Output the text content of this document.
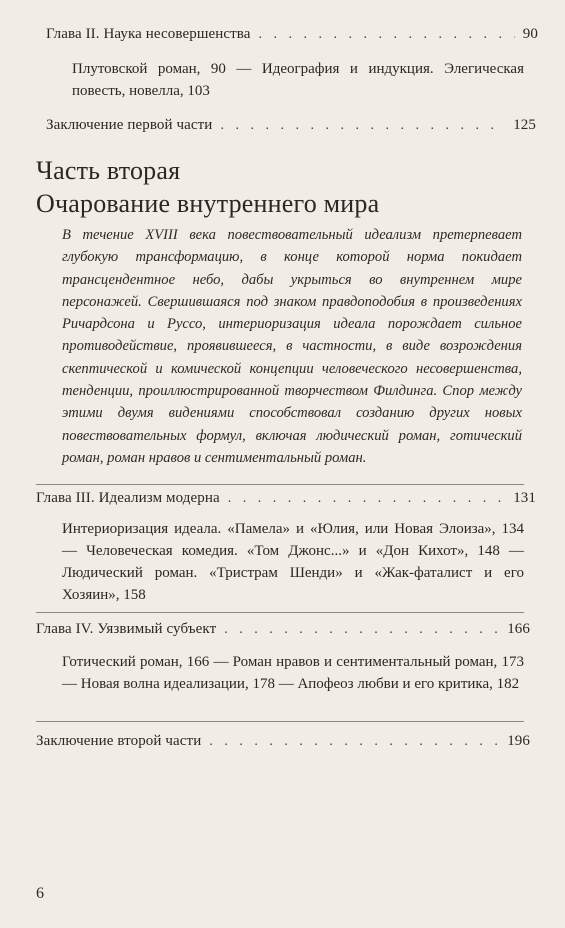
Глава II. Наука несовершенства . . .	90
Плутовской роман, 90 — Идеография и индукция. Элегическая повесть, новелла, 103
Заключение первой части . . .	125
Часть вторая
Очарование внутреннего мира
В течение XVIII века повествовательный идеализм претерпевает глубокую трансформацию, в конце которой норма покидает трансцендентное небо, дабы укрыться во внутреннем мире персонажей. Свершившаяся под знаком правдоподобия в произведениях Ричардсона и Руссо, интериоризация идеала порождает сильное противодействие, проявившееся, в частности, в виде возрождения скептической и комической концепции человеческого несовершенства, тенденции, проиллюстрированной творчеством Филдинга. Спор между этими двумя видениями способствовал созданию других новых повествовательных формул, включая людический роман, готический роман, роман нравов и сентиментальный роман.
Глава III. Идеализм модерна . . .	131
Интериоризация идеала. «Памела» и «Юлия, или Новая Элоиза», 134 — Человеческая комедия. «Том Джонс...» и «Дон Кихот», 148 — Людический роман. «Тристрам Шенди» и «Жак-фаталист и его Хозяин», 158
Глава IV. Уязвимый субъект . . .	166
Готический роман, 166 — Роман нравов и сентиментальный роман, 173 — Новая волна идеализации, 178 — Апофеоз любви и его критика, 182
Заключение второй части . . .	196
6
